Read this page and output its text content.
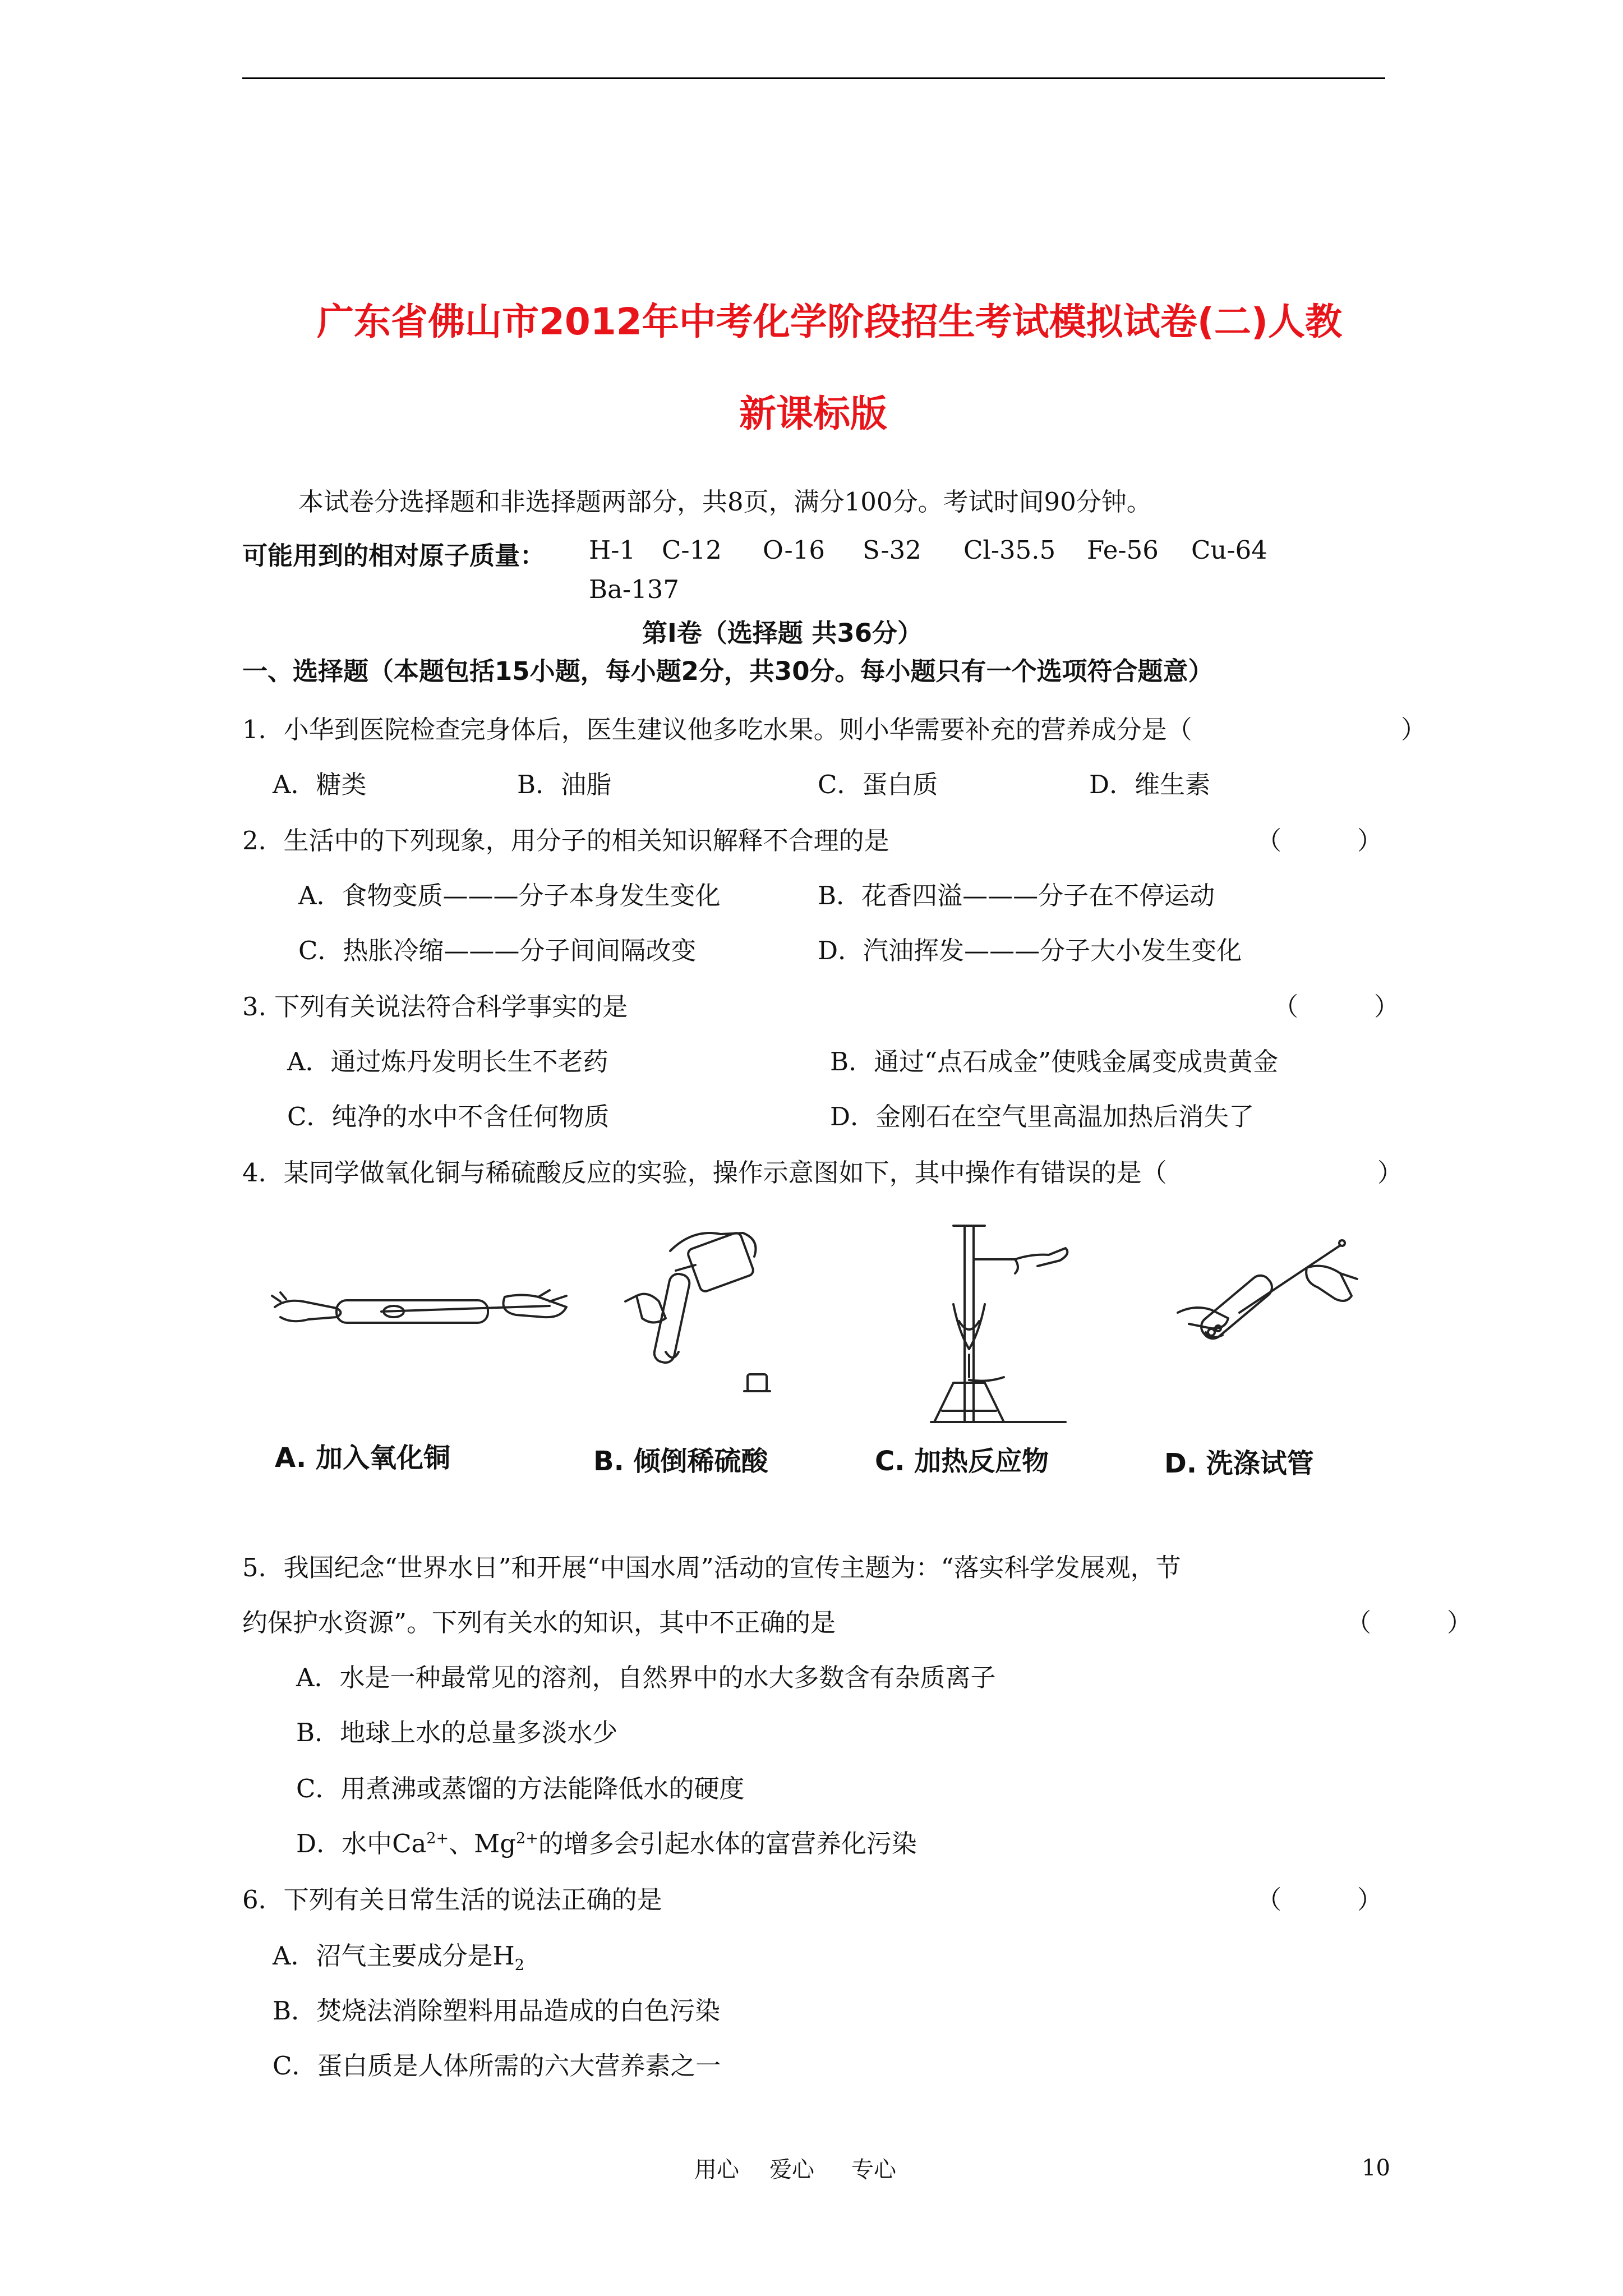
广东省佛山市2012年中考化学阶段招生考试模拟试卷(二)人教
新课标版
本试卷分选择题和非选择题两部分，共8页，满分100分。考试时间90分钟。
可能用到的相对原子质量： H-1 C-12 O-16 S-32 Cl-35.5 Fe-56 Cu-64
Ba-137
第Ⅰ卷（选择题 共36分）
一、选择题（本题包括15小题，每小题2分，共30分。每小题只有一个选项符合题意）
1．小华到医院检查完身体后，医生建议他多吃水果。则小华需要补充的营养成分是（	）
A．糖类	B．油脂	C．蛋白质	D．维生素
2．生活中的下列现象，用分子的相关知识解释不合理的是	（　　　）
A．食物变质———分子本身发生变化	B．花香四溢———分子在不停运动
C．热胀冷缩———分子间间隔改变	D．汽油挥发———分子大小发生变化
3. 下列有关说法符合科学事实的是	（　　　）
A．通过炼丹发明长生不老药	B．通过“点石成金”使贱金属变成贵黄金
C．纯净的水中不含任何物质	D．金刚石在空气里高温加热后消失了
4．某同学做氧化铜与稀硫酸反应的实验，操作示意图如下，其中操作有错误的是（	）
A. 加入氧化铜	B. 倾倒稀硫酸	C. 加热反应物	D. 洗涤试管
5．我国纪念“世界水日”和开展“中国水周”活动的宣传主题为：“落实科学发展观，节
约保护水资源”。下列有关水的知识，其中不正确的是	（　　　）
A．水是一种最常见的溶剂，自然界中的水大多数含有杂质离子
B．地球上水的总量多淡水少
C．用煮沸或蒸馏的方法能降低水的硬度
D．水中$Ca^{2+}$、$Mg^{2+}$的增多会引起水体的富营养化污染
6．下列有关日常生活的说法正确的是	（　　　）
A．沼气主要成分是$H_2$
B．焚烧法消除塑料用品造成的白色污染
C．蛋白质是人体所需的六大营养素之一
用心 爱心 专心	10
